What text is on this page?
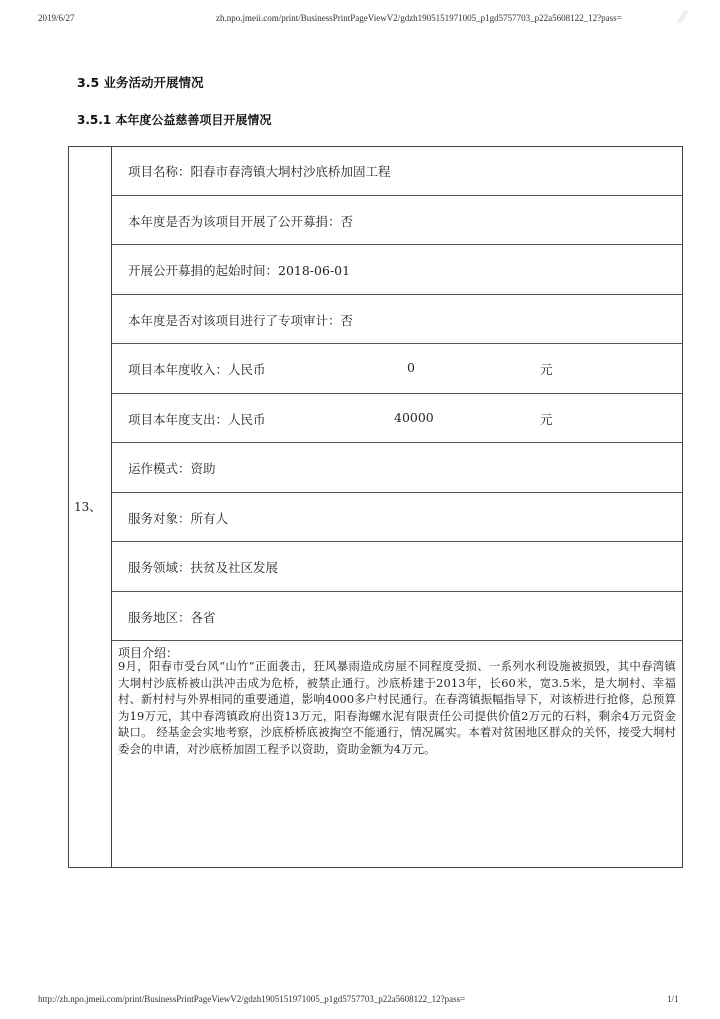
2019/6/27	zh.npo.jmeii.com/print/BusinessPrintPageViewV2/gdzh1905151971005_p1gd5757703_p22a5608122_12?pass=	⁄⁄
3.5 业务活动开展情况
3.5.1 本年度公益慈善项目开展情况
13、
项目名称：阳春市春湾镇大垌村沙底桥加固工程
本年度是否为该项目开展了公开募捐：否
开展公开募捐的起始时间：2018-06-01
本年度是否对该项目进行了专项审计：否
项目本年度收入：人民币	0	元
项目本年度支出：人民币	40000	元
运作模式：资助
服务对象：所有人
服务领域：扶贫及社区发展
服务地区：各省
项目介绍：
9月，阳春市受台风“山竹”正面袭击，狂风暴雨造成房屋不同程度受损、一系列水利设施被损毁，其中春湾镇大垌村沙底桥被山洪冲击成为危桥，被禁止通行。沙底桥建于2013年，长60米，宽3.5米，是大垌村、幸福村、新村村与外界相同的重要通道，影响4000多户村民通行。在春湾镇振幅指导下，对该桥进行抢修，总预算为19万元，其中春湾镇政府出资13万元，阳春海螺水泥有限责任公司提供价值2万元的石料，剩余4万元资金缺口。 经基金会实地考察，沙底桥桥底被掏空不能通行，情况属实。本着对贫困地区群众的关怀，接受大垌村委会的申请，对沙底桥加固工程予以资助，资助金额为4万元。
http://zh.npo.jmeii.com/print/BusinessPrintPageViewV2/gdzh1905151971005_p1gd5757703_p22a5608122_12?pass=	1/1
